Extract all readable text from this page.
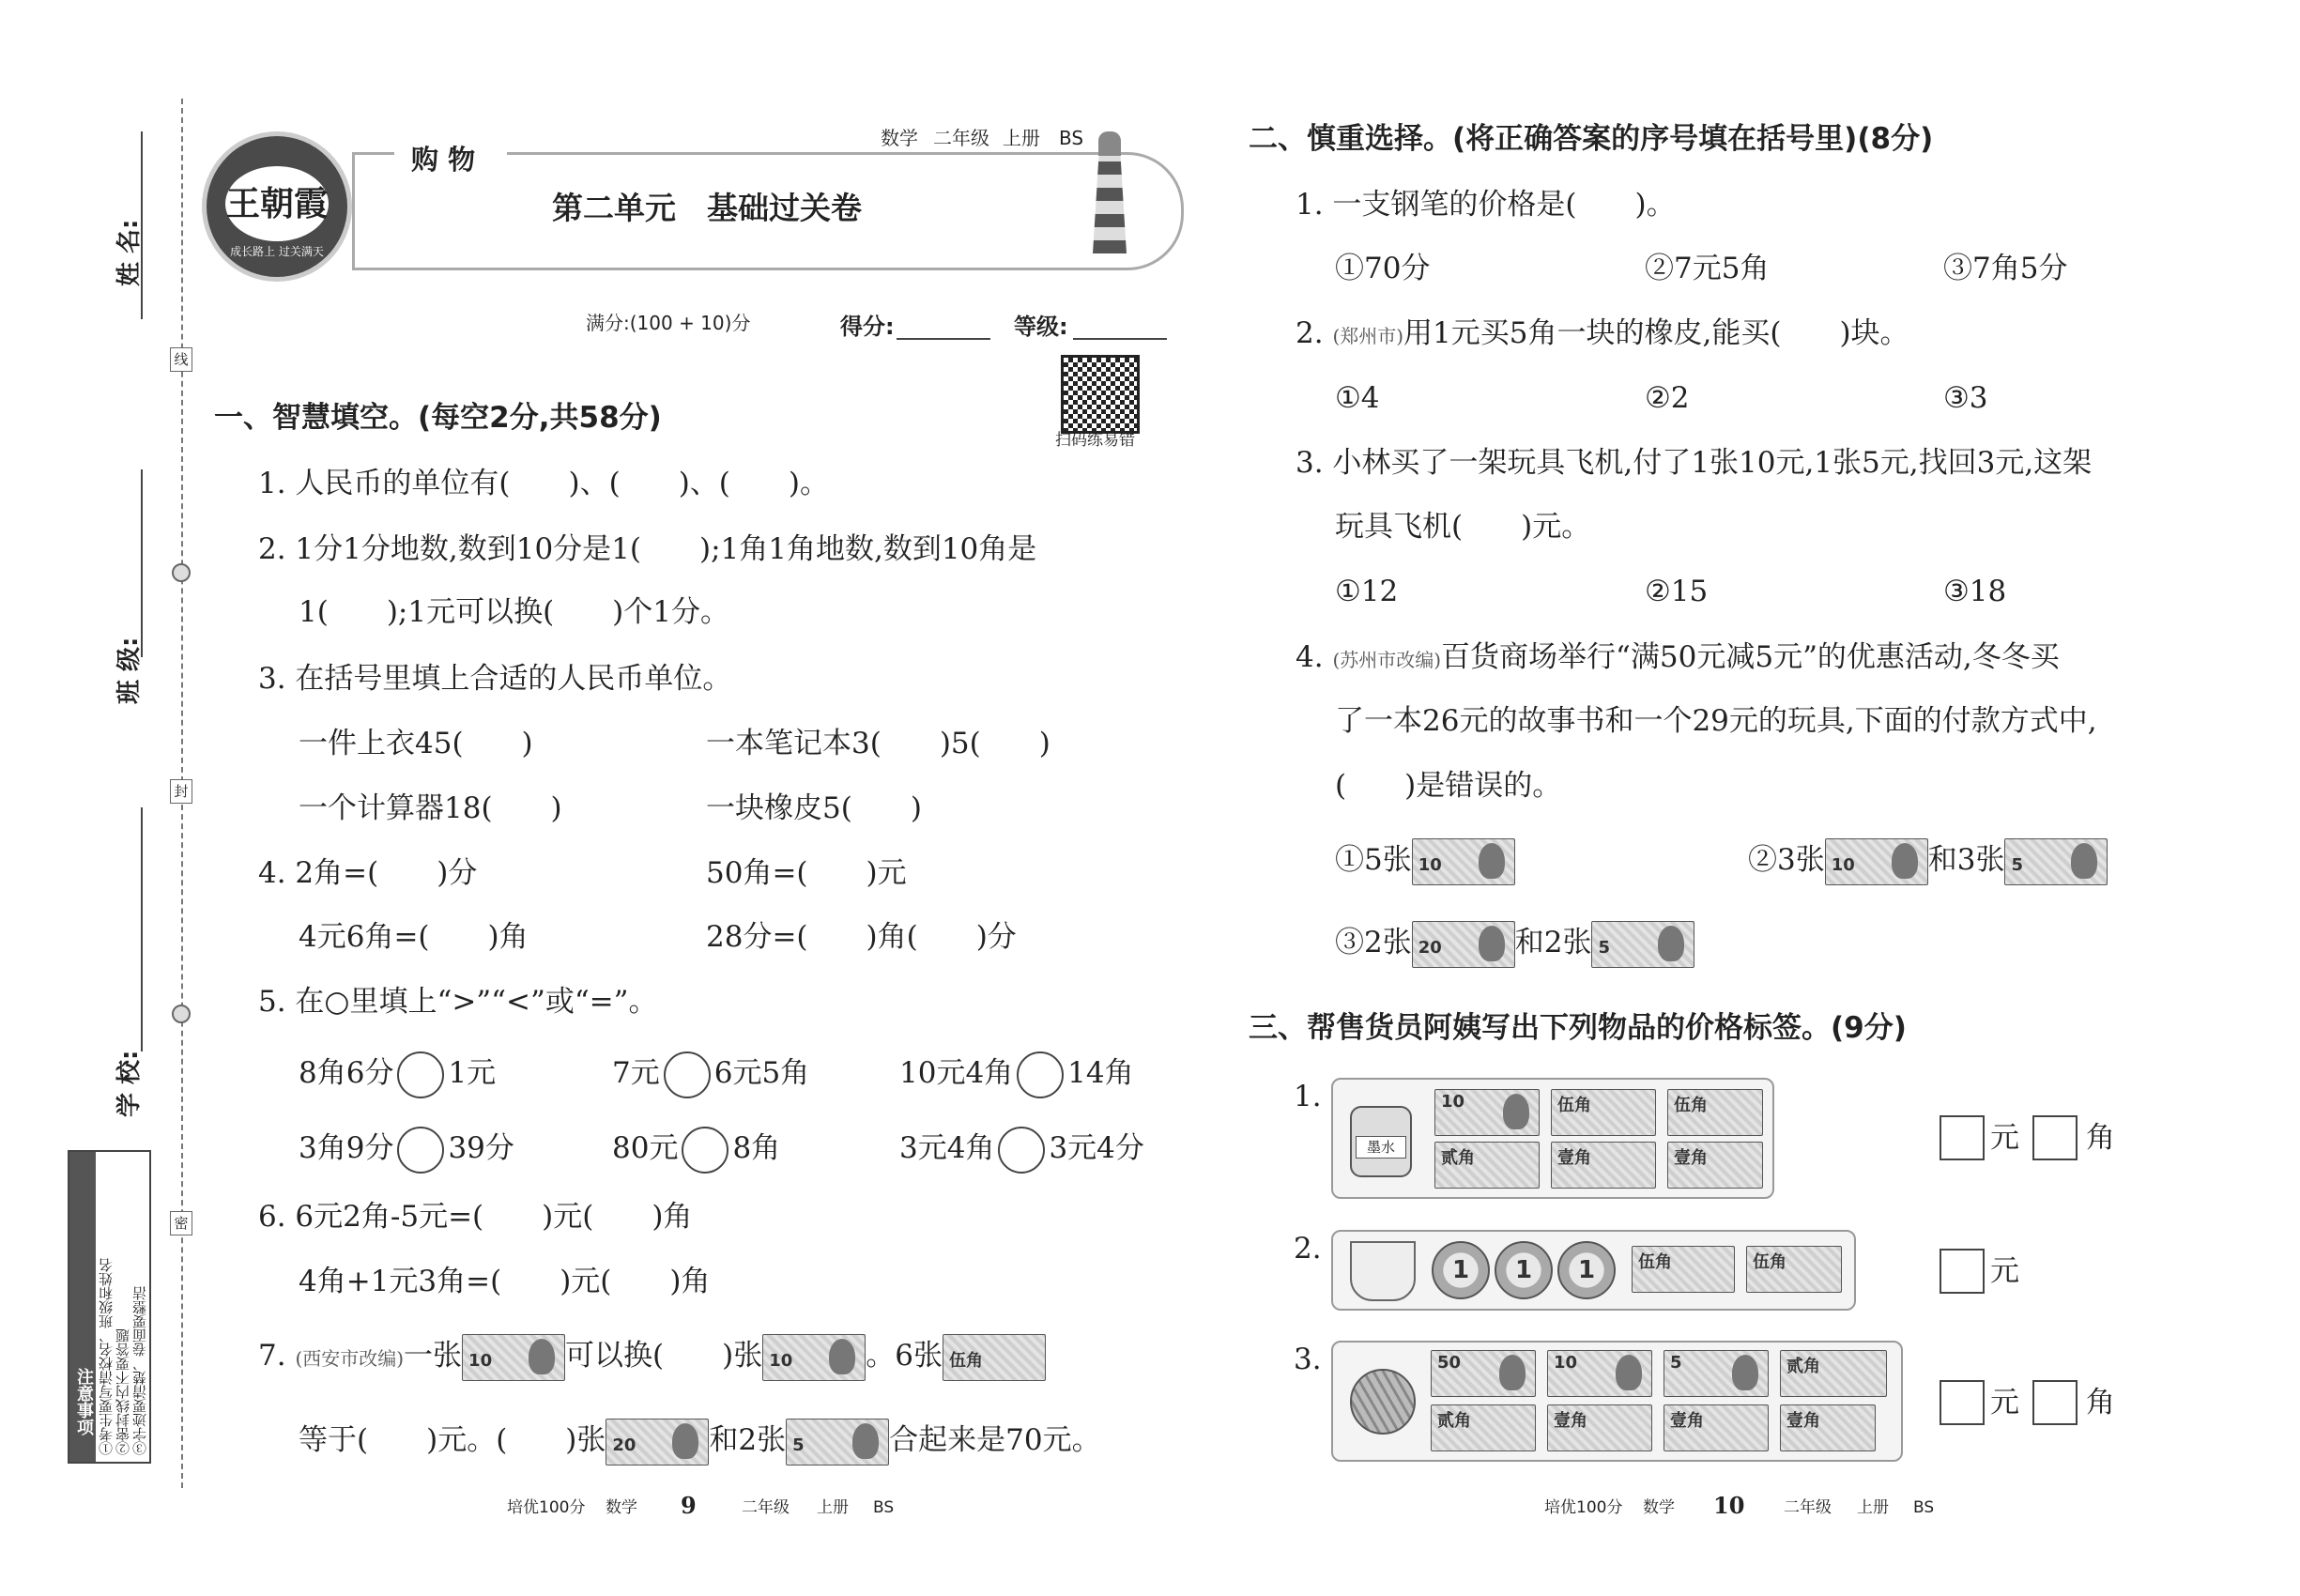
姓 名:
班 级:
学 校:
线
封
密
注意事项 ①考生要写清校名、班级和姓名 ②密封线内不要答题 ③字迹要清楚、卷面要整洁
王朝霞
成长路上 过关满天
购 物
数学 二年级 上册 BS
第二单元　基础过关卷
满分:(100 + 10)分	得分:	等级:
扫码练易错
一、智慧填空。(每空2分,共58分)
1. 人民币的单位有(　　)、(　　)、(　　)。
2. 1分1分地数,数到10分是1(　　);1角1角地数,数到10角是
1(　　);1元可以换(　　)个1分。
3. 在括号里填上合适的人民币单位。
一件上衣45(　　)	一本笔记本3(　　)5(　　)
一个计算器18(　　)	一块橡皮5(　　)
4. 2角=(　　)分	50角=(　　)元
4元6角=(　　)角	28分=(　　)角(　　)分
5. 在○里填上“>”“<”或“=”。
8角6分 1元	7元 6元5角	10元4角 14角
3角9分 39分	80元 8角	3元4角 3元4分
6. 6元2角-5元=(　　)元(　　)角
4角+1元3角=(　　)元(　　)角
7. (西安市改编)一张 10	可以换(　　)张 10	。6张 伍角
等于(　　)元。(　　)张 20	和2张 5	合起来是70元。
培优100分 数学 9	二年级 上册 BS
二、慎重选择。(将正确答案的序号填在括号里)(8分)
1. 一支钢笔的价格是(　　)。
①70分	②7元5角	③7角5分
2. (郑州市)用1元买5角一块的橡皮,能买(　　)块。
①4	②2	③3
3. 小林买了一架玩具飞机,付了1张10元,1张5元,找回3元,这架
玩具飞机(　　)元。
①12	②15	③18
4. (苏州市改编)百货商场举行“满50元减5元”的优惠活动,冬冬买
了一本26元的故事书和一个29元的玩具,下面的付款方式中,
(　　)是错误的。
①5张 10	②3张 10	和3张 5
③2张 20	和2张 5
三、帮售货员阿姨写出下列物品的价格标签。(9分)
1.
墨水
10	伍角	伍角
贰角	壹角	壹角
元 角
2.
1	1	1	伍角	伍角	元
3.	50	10	5	贰角
贰角	壹角	壹角	壹角
元 角
培优100分 数学 10 二年级 上册 BS
